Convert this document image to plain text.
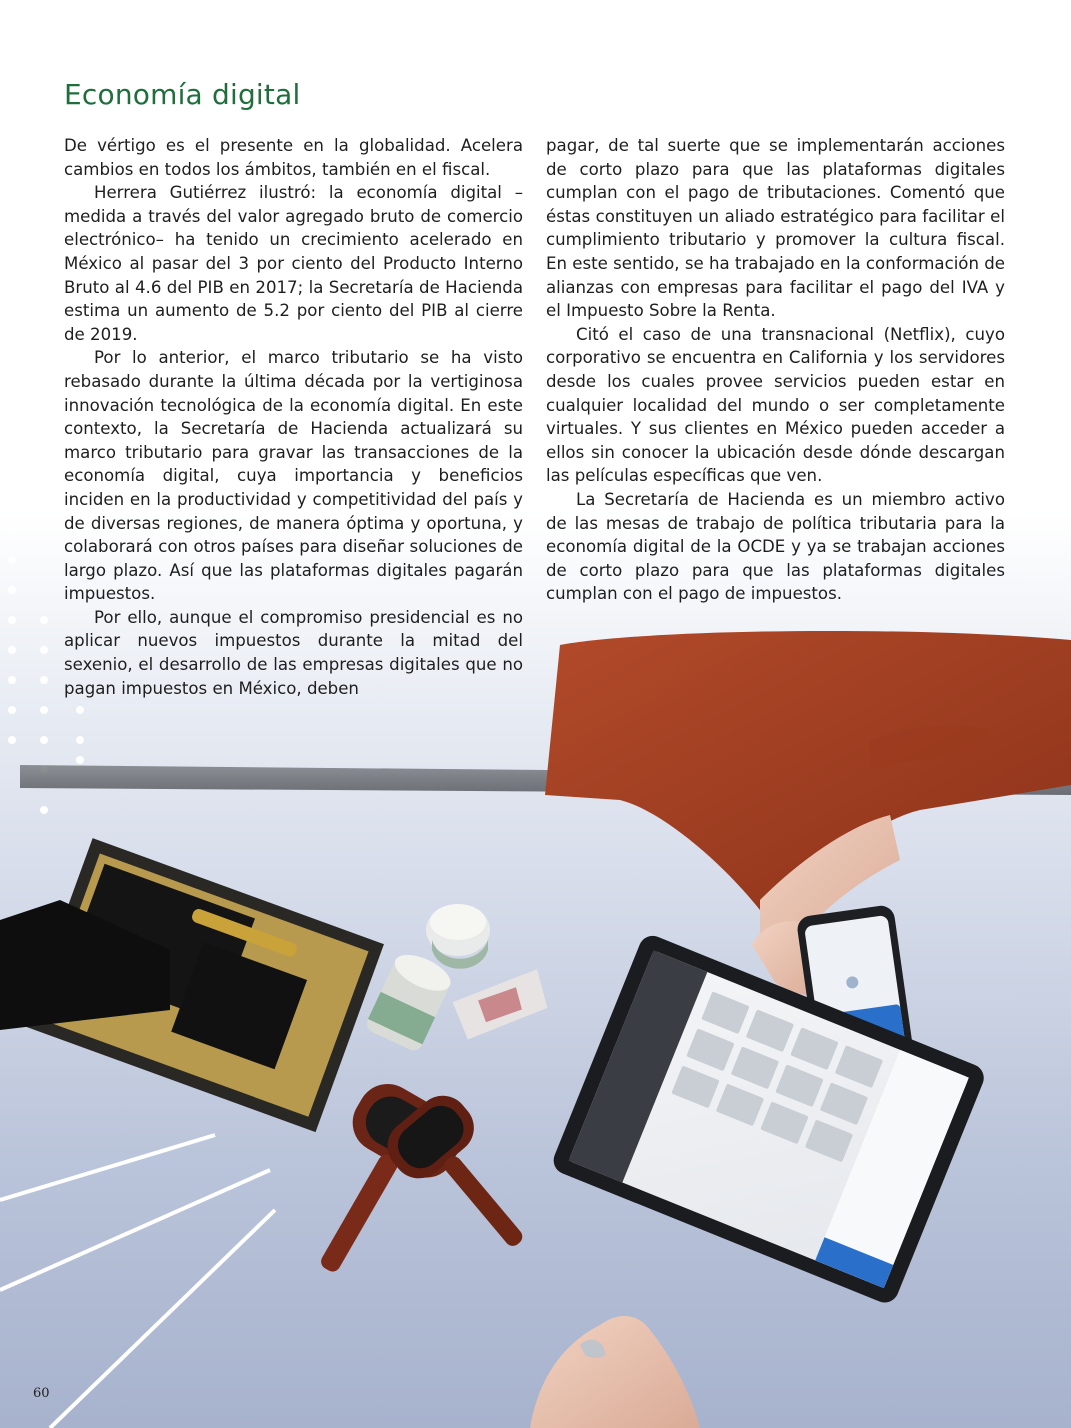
Economía digital

De vértigo es el presente en la globalidad. Acelera cambios en todos los ámbitos, también en el fiscal.

Herrera Gutiérrez ilustró: la economía digital –medida a través del valor agregado bruto de comercio electrónico– ha tenido un crecimiento acelerado en México al pasar del 3 por ciento del Producto Interno Bruto al 4.6 del PIB en 2017; la Secretaría de Hacienda estima un aumento de 5.2 por ciento del PIB al cierre de 2019.

Por lo anterior, el marco tributario se ha visto rebasado durante la última década por la vertiginosa innovación tecnológica de la economía digital. En este contexto, la Secretaría de Hacienda actualizará su marco tributario para gravar las transacciones de la economía digital, cuya importancia y beneficios inciden en la productividad y competitividad del país y de diversas regiones, de manera óptima y oportuna, y colaborará con otros países para diseñar soluciones de largo plazo. Así que las plataformas digitales pagarán impuestos.

Por ello, aunque el compromiso presidencial es no aplicar nuevos impuestos durante la mitad del sexenio, el desarrollo de las empresas digitales que no pagan impuestos en México, deben

pagar, de tal suerte que se implementarán acciones de corto plazo para que las plataformas digitales cumplan con el pago de tributaciones. Comentó que éstas constituyen un aliado estratégico para facilitar el cumplimiento tributario y promover la cultura fiscal. En este sentido, se ha trabajado en la conformación de alianzas con empresas para facilitar el pago del IVA y el Impuesto Sobre la Renta.

Citó el caso de una transnacional (Netflix), cuyo corporativo se encuentra en California y los servidores desde los cuales provee servicios pueden estar en cualquier localidad del mundo o ser completamente virtuales. Y sus clientes en México pueden acceder a ellos sin conocer la ubicación desde dónde descargan las películas específicas que ven.

La Secretaría de Hacienda es un miembro activo de las mesas de trabajo de política tributaria para la economía digital de la OCDE y ya se trabajan acciones de corto plazo para que las plataformas digitales cumplan con el pago de impuestos.

60
